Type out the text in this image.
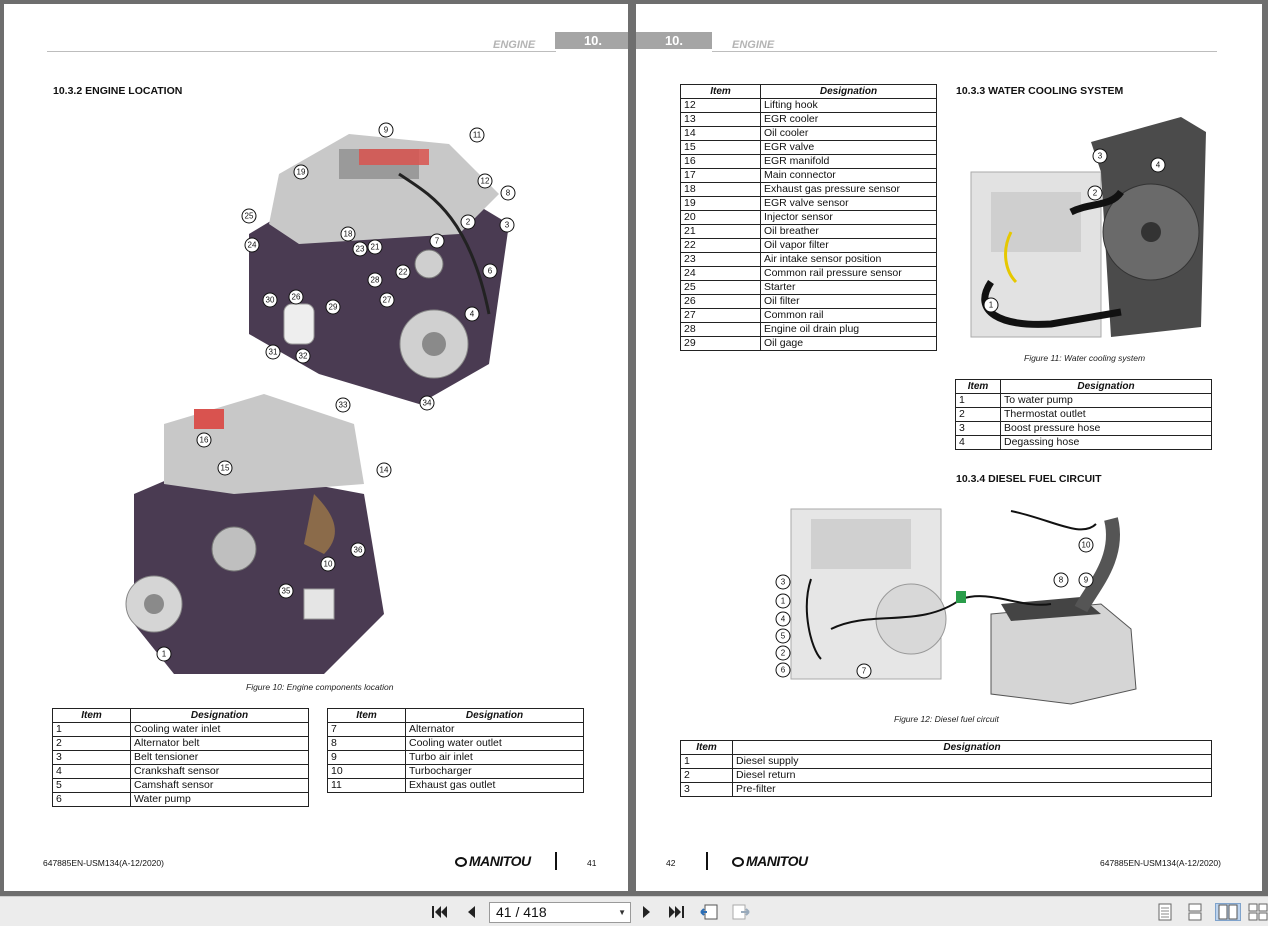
ENGINE	10.
10.3.2 ENGINE LOCATION
9
11
19
12
8
25
18
2	3
24	23 21
7
22	6
28
30 26
29
27
4
31	32
33	34
16
15	14
36
10
35
1
Figure 10: Engine components location
Item	Designation
1	Cooling water inlet
2	Alternator belt
3	Belt tensioner
4	Crankshaft sensor
5	Camshaft sensor
6	Water pump
Item	Designation
7	Alternator
8	Cooling water outlet
9	Turbo air inlet
10	Turbocharger
11	Exhaust gas outlet
647885EN-USM134(A-12/2020)	MANITOU	41
10.	ENGINE
Item	Designation
12	Lifting hook
13	EGR cooler
14	Oil cooler
15	EGR valve
16	EGR manifold
17	Main connector
18	Exhaust gas pressure sensor
19	EGR valve sensor
20	Injector sensor
21	Oil breather
22	Oil vapor filter
23	Air intake sensor position
24	Common rail pressure sensor
25	Starter
26	Oil filter
27	Common rail
28	Engine oil drain plug
29	Oil gage
10.3.3 WATER COOLING SYSTEM
3
4
2
1
Figure 11: Water cooling system
Item	Designation
1	To water pump
2	Thermostat outlet
3	Boost pressure hose
4	Degassing hose
10.3.4 DIESEL FUEL CIRCUIT
10
3	8	9
1
4
5
2
6	7
Figure 12: Diesel fuel circuit
Item	Designation
1	Diesel supply
2	Diesel return
3	Pre-filter
42	MANITOU	647885EN-USM134(A-12/2020)
41 / 418	▼
